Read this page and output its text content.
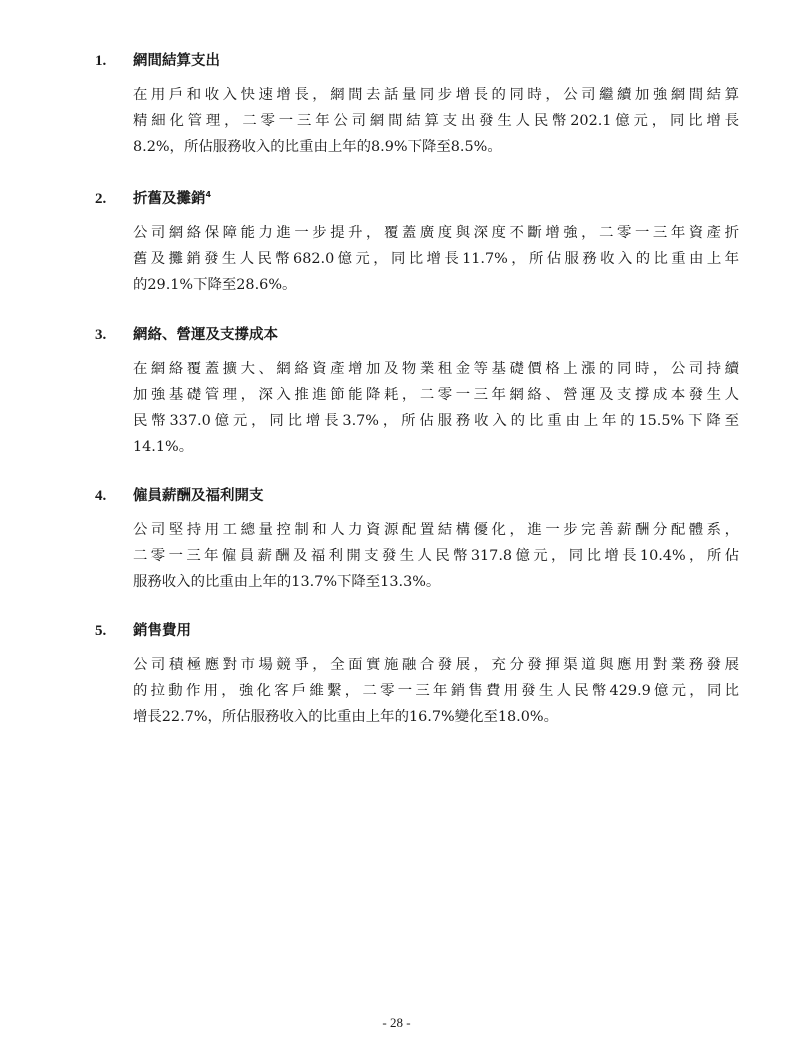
1. 網間結算支出

在用戶和收入快速增長，網間去話量同步增長的同時，公司繼續加強網間結算
精細化管理，二零一三年公司網間結算支出發生人民幣202.1億元，同比增長
8.2%，所佔服務收入的比重由上年的8.9%下降至8.5%。

2. 折舊及攤銷$^4$

公司網絡保障能力進一步提升，覆蓋廣度與深度不斷增強，二零一三年資產折
舊及攤銷發生人民幣682.0億元，同比增長11.7%，所佔服務收入的比重由上年
的29.1%下降至28.6%。

3. 網絡、營運及支撐成本

在網絡覆蓋擴大、網絡資產增加及物業租金等基礎價格上漲的同時，公司持續
加強基礎管理，深入推進節能降耗，二零一三年網絡、營運及支撐成本發生人
民幣337.0億元，同比增長3.7%，所佔服務收入的比重由上年的15.5%下降至
14.1%。

4. 僱員薪酬及福利開支

公司堅持用工總量控制和人力資源配置結構優化，進一步完善薪酬分配體系，
二零一三年僱員薪酬及福利開支發生人民幣317.8億元，同比增長10.4%，所佔
服務收入的比重由上年的13.7%下降至13.3%。

5. 銷售費用

公司積極應對市場競爭，全面實施融合發展，充分發揮渠道與應用對業務發展
的拉動作用，強化客戶維繫，二零一三年銷售費用發生人民幣429.9億元，同比
增長22.7%，所佔服務收入的比重由上年的16.7%變化至18.0%。

- 28 -
